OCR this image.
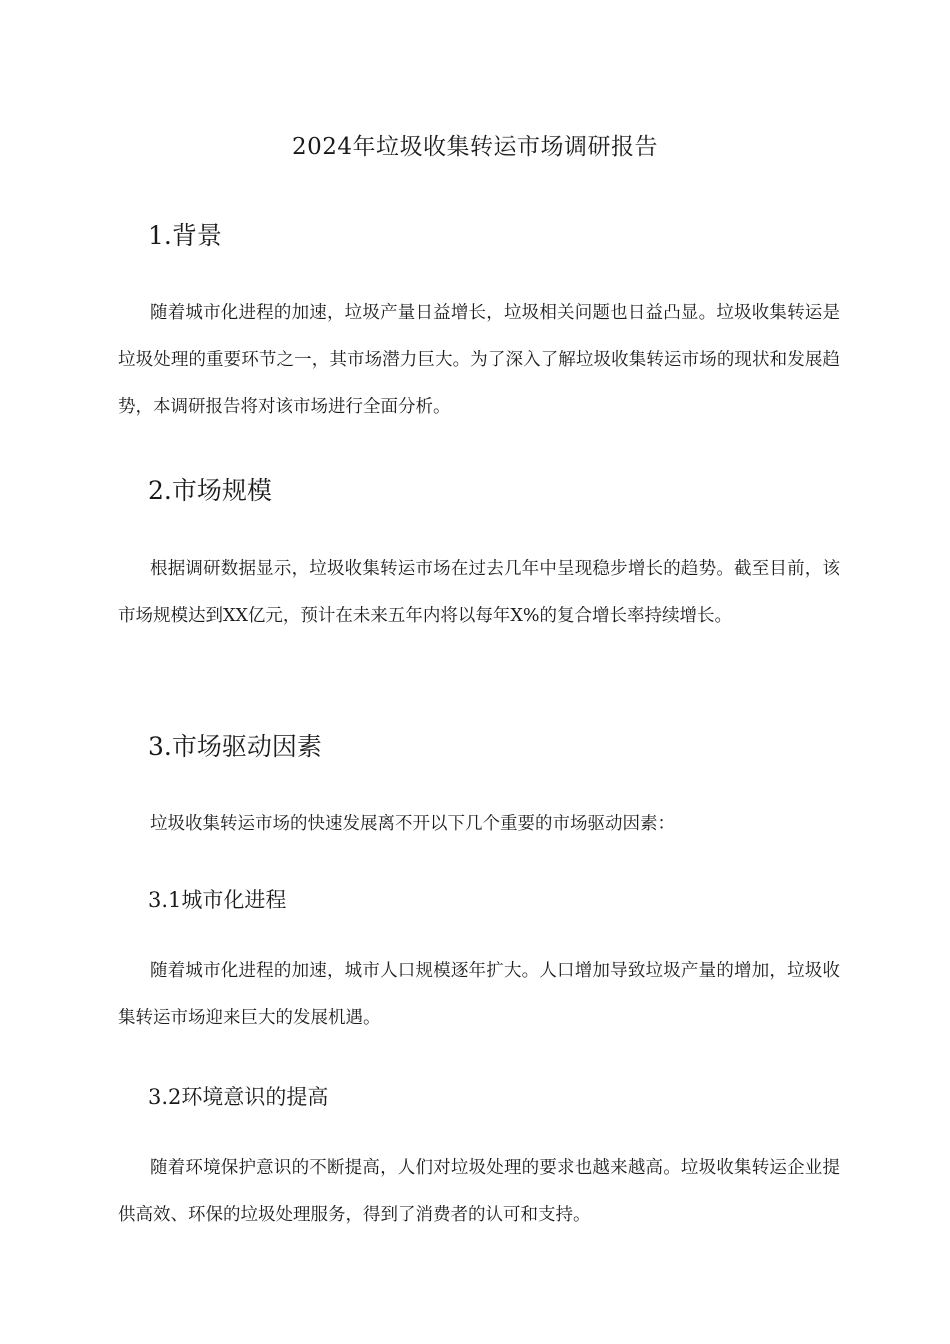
2024年垃圾收集转运市场调研报告
1.背景

随着城市化进程的加速，垃圾产量日益增长，垃圾相关问题也日益凸显。垃圾收集转运是垃圾处理的重要环节之一，其市场潜力巨大。为了深入了解垃圾收集转运市场的现状和发展趋势，本调研报告将对该市场进行全面分析。

2.市场规模

根据调研数据显示，垃圾收集转运市场在过去几年中呈现稳步增长的趋势。截至目前，该市场规模达到XX亿元，预计在未来五年内将以每年X%的复合增长率持续增长。

3.市场驱动因素

垃圾收集转运市场的快速发展离不开以下几个重要的市场驱动因素：

3.1城市化进程

随着城市化进程的加速，城市人口规模逐年扩大。人口增加导致垃圾产量的增加，垃圾收集转运市场迎来巨大的发展机遇。

3.2环境意识的提高

随着环境保护意识的不断提高，人们对垃圾处理的要求也越来越高。垃圾收集转运企业提供高效、环保的垃圾处理服务，得到了消费者的认可和支持。
